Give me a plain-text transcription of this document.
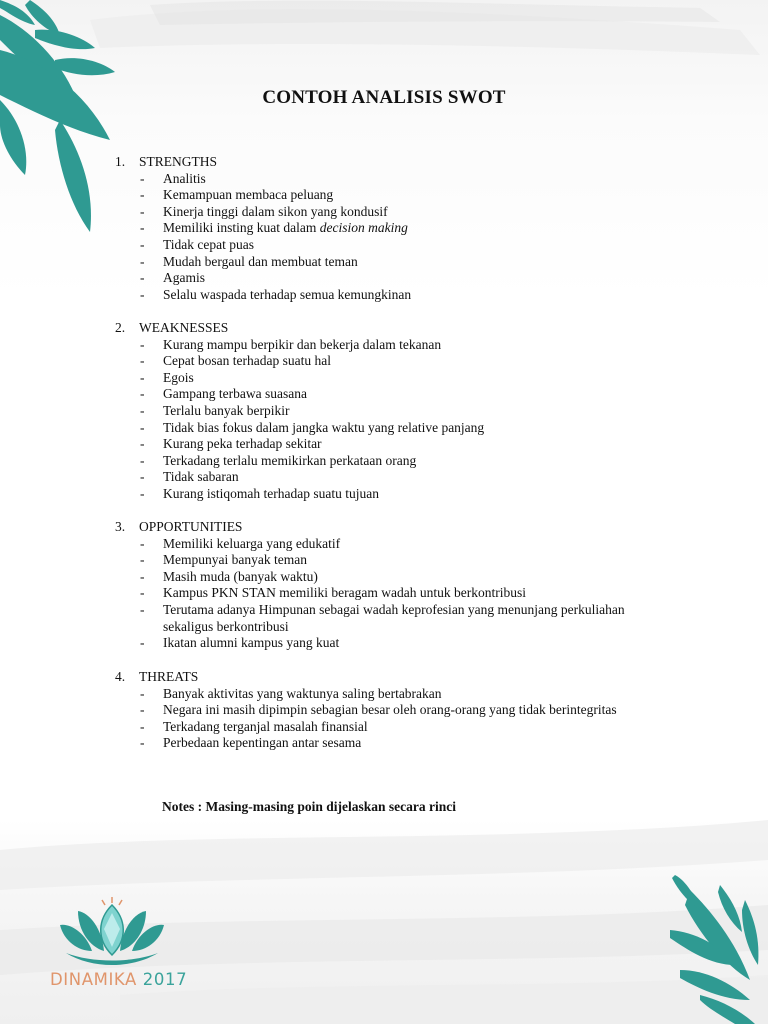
CONTOH ANALISIS SWOT
1. STRENGTHS
- Analitis
- Kemampuan membaca peluang
- Kinerja tinggi dalam sikon yang kondusif
- Memiliki insting kuat dalam decision making
- Tidak cepat puas
- Mudah bergaul dan membuat teman
- Agamis
- Selalu waspada terhadap semua kemungkinan
2. WEAKNESSES
- Kurang mampu berpikir dan bekerja dalam tekanan
- Cepat bosan terhadap suatu hal
- Egois
- Gampang terbawa suasana
- Terlalu banyak berpikir
- Tidak bias fokus dalam jangka waktu yang relative panjang
- Kurang peka terhadap sekitar
- Terkadang terlalu memikirkan perkataan orang
- Tidak sabaran
- Kurang istiqomah terhadap suatu tujuan
3. OPPORTUNITIES
- Memiliki keluarga yang edukatif
- Mempunyai banyak teman
- Masih muda (banyak waktu)
- Kampus PKN STAN memiliki beragam wadah untuk berkontribusi
- Terutama adanya Himpunan sebagai wadah keprofesian yang menunjang perkuliahan sekaligus berkontribusi
- Ikatan alumni kampus yang kuat
4. THREATS
- Banyak aktivitas yang waktunya saling bertabrakan
- Negara ini masih dipimpin sebagian besar oleh orang-orang yang tidak berintegritas
- Terkadang terganjal masalah finansial
- Perbedaan kepentingan antar sesama
Notes : Masing-masing poin dijelaskan secara rinci
DINAMIKA 2017
